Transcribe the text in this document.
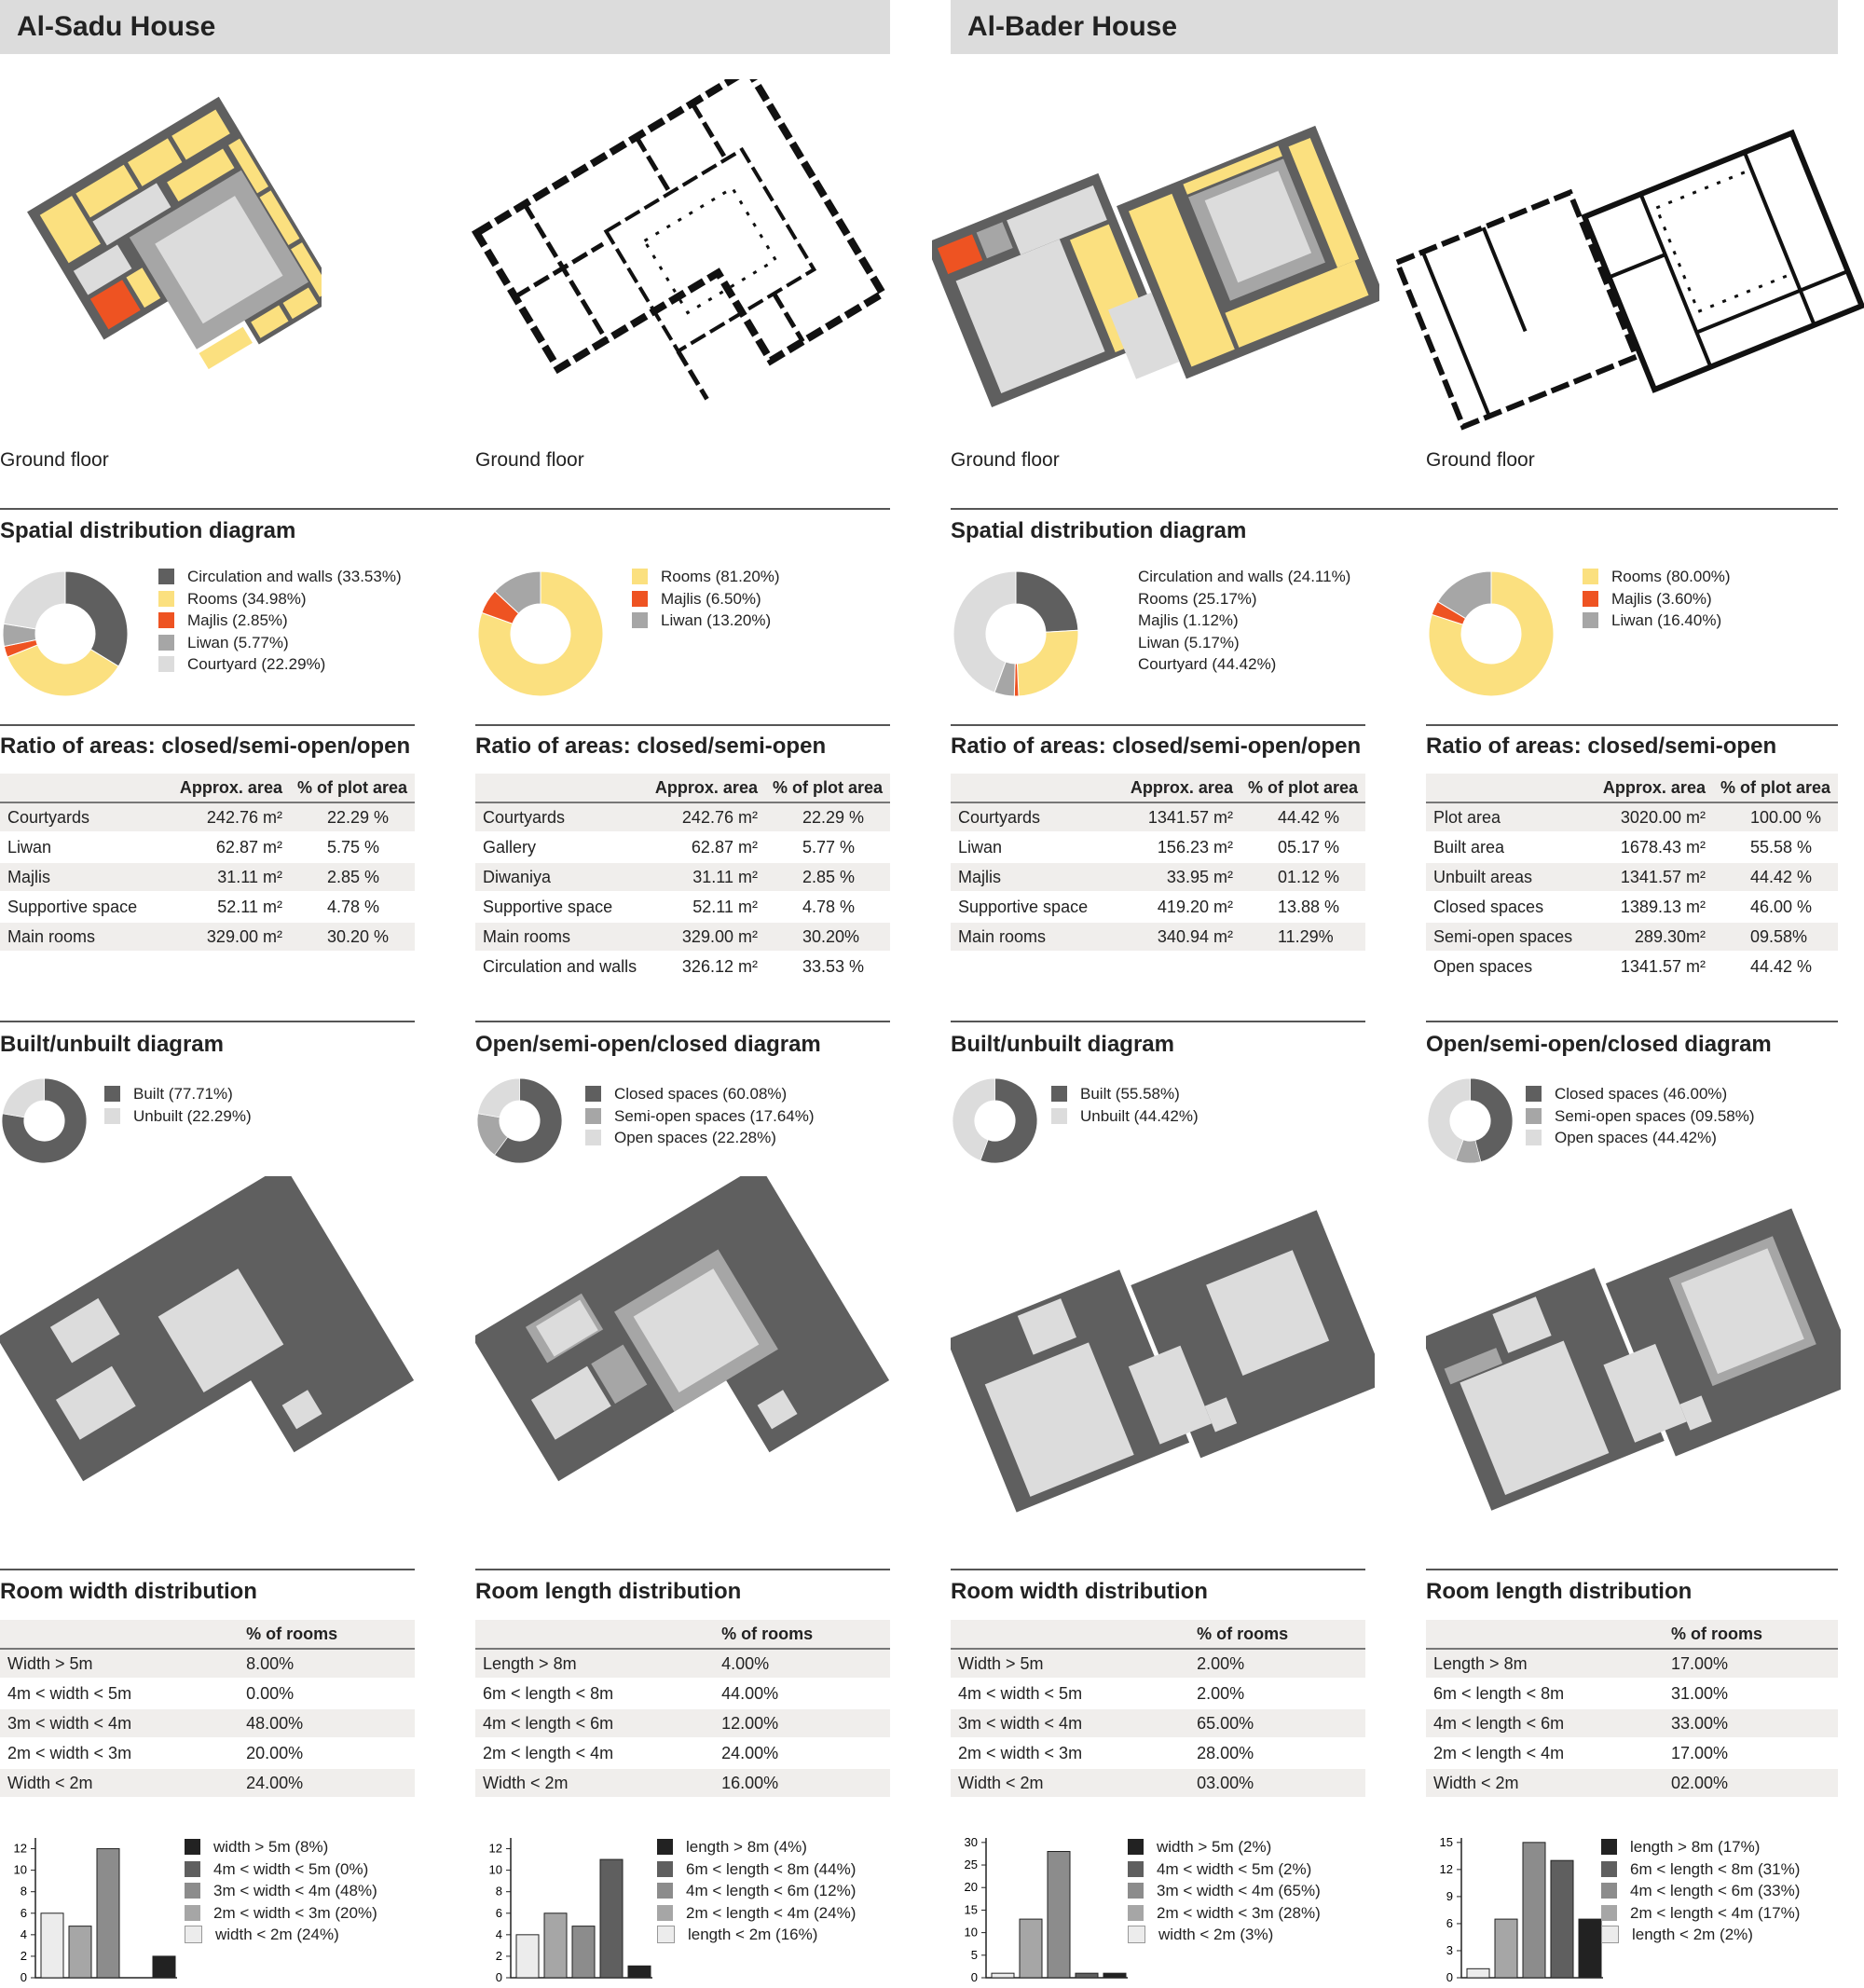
Al-Sadu House
Ground floor	Ground floor
Spatial distribution diagram
Circulation and walls (33.53%)
Rooms (34.98%)
Majlis (2.85%)
Liwan (5.77%)
Courtyard (22.29%)
Rooms (81.20%)
Majlis (6.50%)
Liwan (13.20%)
Ratio of areas: closed/semi-open/open	Ratio of areas: closed/semi-open
	Approx. area	% of plot area
Courtyards	242.76 m²	22.29 %
Liwan	62.87 m²	5.75 %
Majlis	31.11 m²	2.85 %
Supportive space	52.11 m²	4.78 %
Main rooms	329.00 m²	30.20 %
	Approx. area	% of plot area
Courtyards	242.76 m²	22.29 %
Gallery	62.87 m²	5.77 %
Diwaniya	31.11 m²	2.85 %
Supportive space	52.11 m²	4.78 %
Main rooms	329.00 m²	30.20%
Circulation and walls	326.12 m²	33.53 %
Built/unbuilt diagram	Open/semi-open/closed diagram
Built (77.71%)
Unbuilt (22.29%)
Closed spaces (60.08%)
Semi-open spaces (17.64%)
Open spaces (22.28%)
Room width distribution	Room length distribution
	% of rooms
Width > 5m	8.00%
4m < width < 5m	0.00%
3m < width < 4m	48.00%
2m < width < 3m	20.00%
Width < 2m	24.00%
	% of rooms
Length > 8m	4.00%
6m < length < 8m	44.00%
4m < length < 6m	12.00%
2m < length < 4m	24.00%
Width < 2m	16.00%
0
2
4
6
8
10
12	width > 5m (8%)
4m < width < 5m (0%)
3m < width < 4m (48%)
2m < width < 3m (20%)
width < 2m (24%)
0
2
4
6
8
10
12	length > 8m (4%)
6m < length < 8m (44%)
4m < length < 6m (12%)
2m < length < 4m (24%)
length < 2m (16%)
Al-Bader House
Ground floor	Ground floor
Spatial distribution diagram
Circulation and walls (24.11%)
Rooms (25.17%)
Majlis (1.12%)
Liwan (5.17%)
Courtyard (44.42%)
Rooms (80.00%)
Majlis (3.60%)
Liwan (16.40%)
Ratio of areas: closed/semi-open/open	Ratio of areas: closed/semi-open
	Approx. area	% of plot area
Courtyards	1341.57 m²	44.42 %
Liwan	156.23 m²	05.17 %
Majlis	33.95 m²	01.12 %
Supportive space	419.20 m²	13.88 %
Main rooms	340.94 m²	11.29%
	Approx. area	% of plot area
Plot area	3020.00 m²	100.00 %
Built area	1678.43 m²	55.58 %
Unbuilt areas	1341.57 m²	44.42 %
Closed spaces	1389.13 m²	46.00 %
Semi-open spaces	289.30m²	09.58%
Open spaces	1341.57 m²	44.42 %
Built/unbuilt diagram	Open/semi-open/closed diagram
Built (55.58%)
Unbuilt (44.42%)
Closed spaces (46.00%)
Semi-open spaces (09.58%)
Open spaces (44.42%)
Room width distribution	Room length distribution
	% of rooms
Width > 5m	2.00%
4m < width < 5m	2.00%
3m < width < 4m	65.00%
2m < width < 3m	28.00%
Width < 2m	03.00%
	% of rooms
Length > 8m	17.00%
6m < length < 8m	31.00%
4m < length < 6m	33.00%
2m < length < 4m	17.00%
Width < 2m	02.00%
0
5
10
15
20
25
30	width > 5m (2%)
4m < width < 5m (2%)
3m < width < 4m (65%)
2m < width < 3m (28%)
width < 2m (3%)
0
3
6
9
12
15	length > 8m (17%)
6m < length < 8m (31%)
4m < length < 6m (33%)
2m < length < 4m (17%)
length < 2m (2%)
